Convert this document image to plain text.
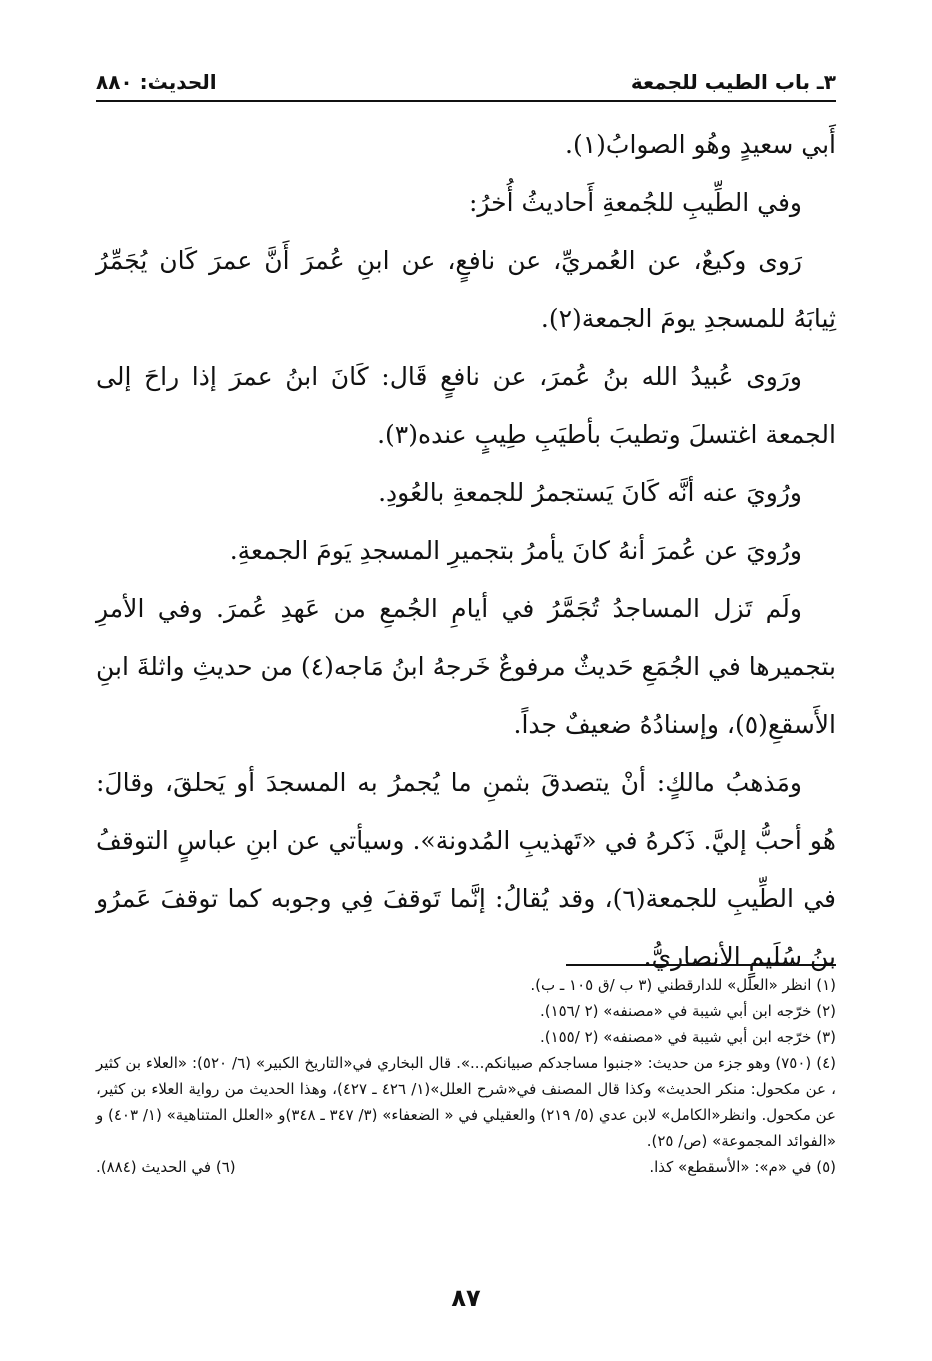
٣ـ باب الطيب للجمعة
الحديث: ٨٨٠

أَبي سعيدٍ وهُو الصوابُ(١).

وفي الطِّيبِ للجُمعةِ أَحاديثُ أُخرُ:

رَوى وكيعٌ، عن العُمريِّ، عن نافعٍ، عن ابنِ عُمرَ أَنَّ عمرَ كَان يُجَمِّرُ ثِيابَهُ للمسجدِ يومَ الجمعة(٢).

ورَوى عُبيدُ الله بنُ عُمرَ، عن نافعٍ قَال: كَانَ ابنُ عمرَ إذا راحَ إلى الجمعة اغتسلَ وتطيبَ بأطيَبِ طِيبٍ عنده(٣).

ورُويَ عنه أنَّه كَانَ يَستجمرُ للجمعةِ بالعُودِ.

ورُويَ عن عُمرَ أنهُ كانَ يأمرُ بتجميرِ المسجدِ يَومَ الجمعةِ.

ولَم تَزل المساجدُ تُجَمَّرُ في أيامِ الجُمعِ من عَهدِ عُمرَ. وفي الأمرِ بتجميرها في الجُمَعِ حَديثٌ مرفوعٌ خَرجهُ ابنُ مَاجه(٤) من حديثِ واثلةَ ابنِ الأَسقعِ(٥)، وإسنادُهُ ضعيفٌ جداً.

ومَذهبُ مالكٍ: أنْ يتصدقَ بثمنِ ما يُجمرُ به المسجدَ أو يَحلقَ، وقالَ: هُو أحبُّ إليَّ. ذَكرهُ في «تَهذيبِ المُدونة». وسيأتي عن ابنِ عباسٍ التوقفُ في الطِّيبِ للجمعة(٦)، وقد يُقالُ: إنَّما تَوقفَ فِي وجوبه كما توقفَ عَمرُو بنُ سُلَيمٍ الأنصاريُّ.

(١) انظر «العلل» للدارقطني (٣ ب /ق ١٠٥ ـ ب).

(٢) خرّجه ابن أبي شيبة في «مصنفه» (٢ /١٥٦).

(٣) خرّجه ابن أبي شيبة في «مصنفه» (٢ /١٥٥).

(٤) (٧٥٠) وهو جزء من حديث: «جنبوا مساجدكم صبيانكم...». قال البخاري في«التاريخ الكبير» (٦/ ٥٢٠): «العلاء بن كثير ، عن مكحول: منكر الحديث» وكذا قال المصنف في«شرح العلل»(١/ ٤٢٦ ـ ٤٢٧)، وهذا الحديث من رواية العلاء بن كثير، عن مكحول. وانظر«الكامل» لابن عدي (٥/ ٢١٩) والعقيلي في « الضعفاء» (٣/ ٣٤٧ ـ ٣٤٨)و «العلل المتناهية» (١/ ٤٠٣) و «الفوائد المجموعة» (ص/ ٢٥).

(٥) في «م»: «الأسقطع» كذا.
(٦) في الحديث (٨٨٤).
٨٧
